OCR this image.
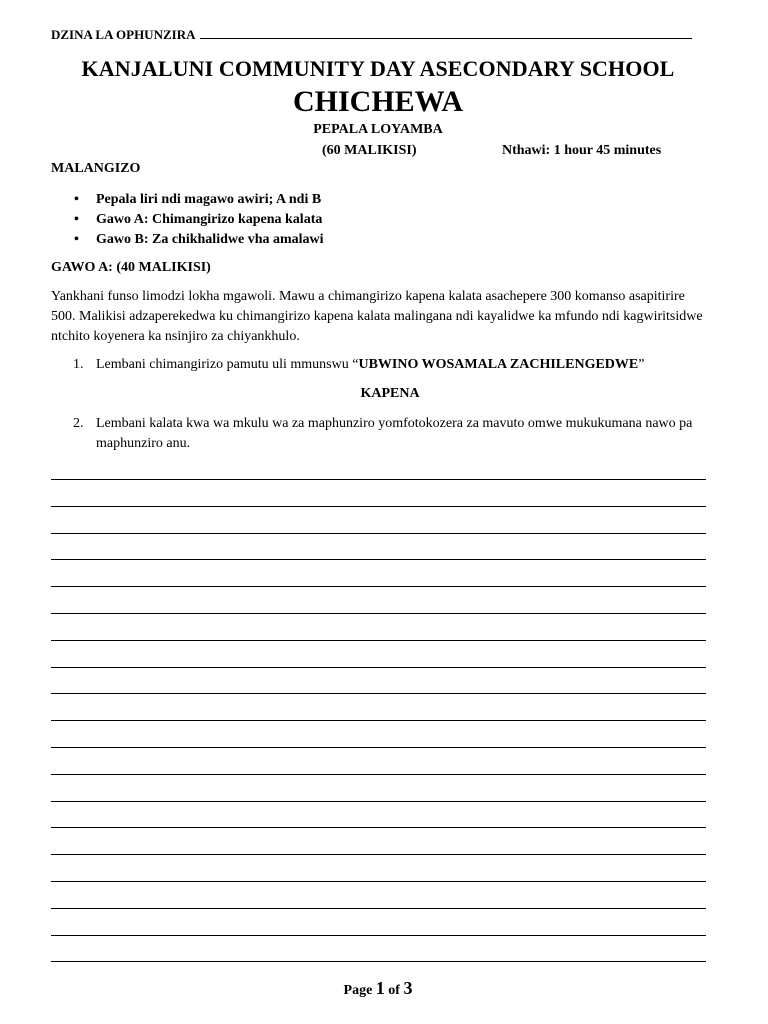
DZINA LA OPHUNZIRA
KANJALUNI COMMUNITY DAY ASECONDARY SCHOOL
CHICHEWA
PEPALA LOYAMBA
(60 MALIKISI)	Nthawi: 1 hour 45 minutes
MALANGIZO
• Pepala liri ndi magawo awiri; A ndi B
• Gawo A: Chimangirizo kapena kalata
• Gawo B: Za chikhalidwe vha amalawi
GAWO A: (40 MALIKISI)
Yankhani funso limodzi lokha mgawoli. Mawu a chimangirizo kapena kalata asachepere 300 komanso asapitirire 500. Malikisi adzaperekedwa ku chimangirizo kapena kalata malingana ndi kayalidwe ka mfundo ndi kagwiritsidwe ntchito koyenera ka nsinjiro za chiyankhulo.
1. Lembani chimangirizo pamutu uli mmunswu “UBWINO WOSAMALA ZACHILENGEDWE”
KAPENA
2. Lembani kalata kwa wa mkulu wa za maphunziro yomfotokozera za mavuto omwe mukukumana nawo pa maphunziro anu.
Page 1 of 3
